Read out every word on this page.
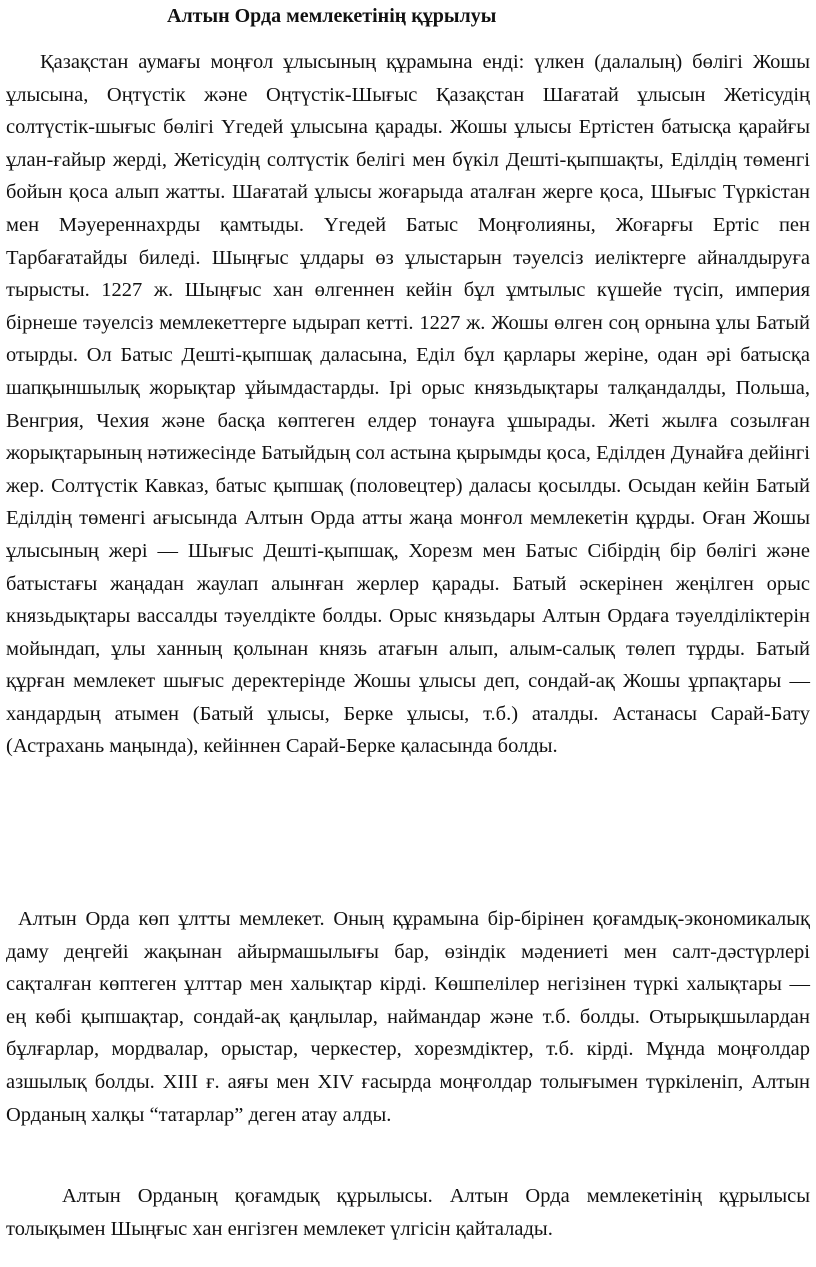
Алтын Орда мемлекетінің құрылуы

Қазақстан аумағы моңғол ұлысының құрамына енді: үлкен (далалың) бөлігі Жошы ұлысына, Оңтүстік және Оңтүстік-Шығыс Қазақстан Шағатай ұлысын Жетісудің солтүстік-шығыс бөлігі Үгедей ұлысына қарады. Жошы ұлысы Ертістен батысқа қарайғы ұлан-ғайыр жерді, Жетісудің солтүстік белігі мен бүкіл Дешті-қыпшақты, Еділдің төменгі бойын қоса алып жатты. Шағатай ұлысы жоғарыда аталған жерге қоса, Шығыс Түркістан мен Мәуереннахрды қамтыды. Үгедей Батыс Моңғолияны, Жоғарғы Ертіс пен Тарбағатайды биледі. Шыңғыс ұлдары өз ұлыстарын тәуелсіз иеліктерге айналдыруға тырысты. 1227 ж. Шыңғыс хан өлгеннен кейін бұл ұмтылыс күшейе түсіп, империя бірнеше тәуелсіз мемлекеттерге ыдырап кетті. 1227 ж. Жошы өлген соң орнына ұлы Батый отырды. Ол Батыс Дешті-қыпшақ даласына, Еділ бұл қарлары жеріне, одан әрі батысқа шапқыншылық жорықтар ұйымдастарды. Ірі орыс князьдықтары талқандалды, Польша, Венгрия, Чехия және басқа көптеген елдер тонауға ұшырады. Жеті жылға созылған жорықтарының нәтижесінде Батыйдың сол астына қырымды қоса, Еділден Дунайға дейінгі жер. Солтүстік Кавказ, батыс қыпшақ (половецтер) даласы қосылды. Осыдан кейін Батый Еділдің төменгі ағысында Алтын Орда атты жаңа монғол мемлекетін құрды. Оған Жошы ұлысының жері — Шығыс Дешті-қыпшақ, Хорезм мен Батыс Сібірдің бір бөлігі және батыстағы жаңадан жаулап алынған жерлер қарады. Батый әскерінен жеңілген орыс князьдықтары вассалды тәуелдікте болды. Орыс князьдары Алтын Ордаға тәуелділіктерін мойындап, ұлы ханның қолынан князь атағын алып, алым-салық төлеп тұрды. Батый құрған мемлекет шығыс деректерінде Жошы ұлысы деп, сондай-ақ Жошы ұрпақтары — хандардың атымен (Батый ұлысы, Берке ұлысы, т.б.) аталды. Астанасы Сарай-Бату (Астрахань маңында), кейіннен Сарай-Берке қаласында болды.

Алтын Орда көп ұлтты мемлекет. Оның құрамына бір-бірінен қоғамдық-экономикалық даму деңгейі жақынан айырмашылығы бар, өзіндік мәдениеті мен салт-дәстүрлері сақталған көптеген ұлттар мен халықтар кірді. Көшпелілер негізінен түркі халықтары — ең көбі қыпшақтар, сондай-ақ қаңлылар, наймандар және т.б. болды. Отырықшылардан бұлғарлар, мордвалар, орыстар, черкестер, хорезмдіктер, т.б. кірді. Мұнда моңғолдар азшылық болды. XIII ғ. аяғы мен XIV ғасырда моңғолдар толығымен түркіленіп, Алтын Орданың халқы “татарлар” деген атау алды.

Алтын Орданың қоғамдық құрылысы. Алтын Орда мемлекетінің құрылысы толықымен Шыңғыс хан енгізген мемлекет үлгісін қайталады.
